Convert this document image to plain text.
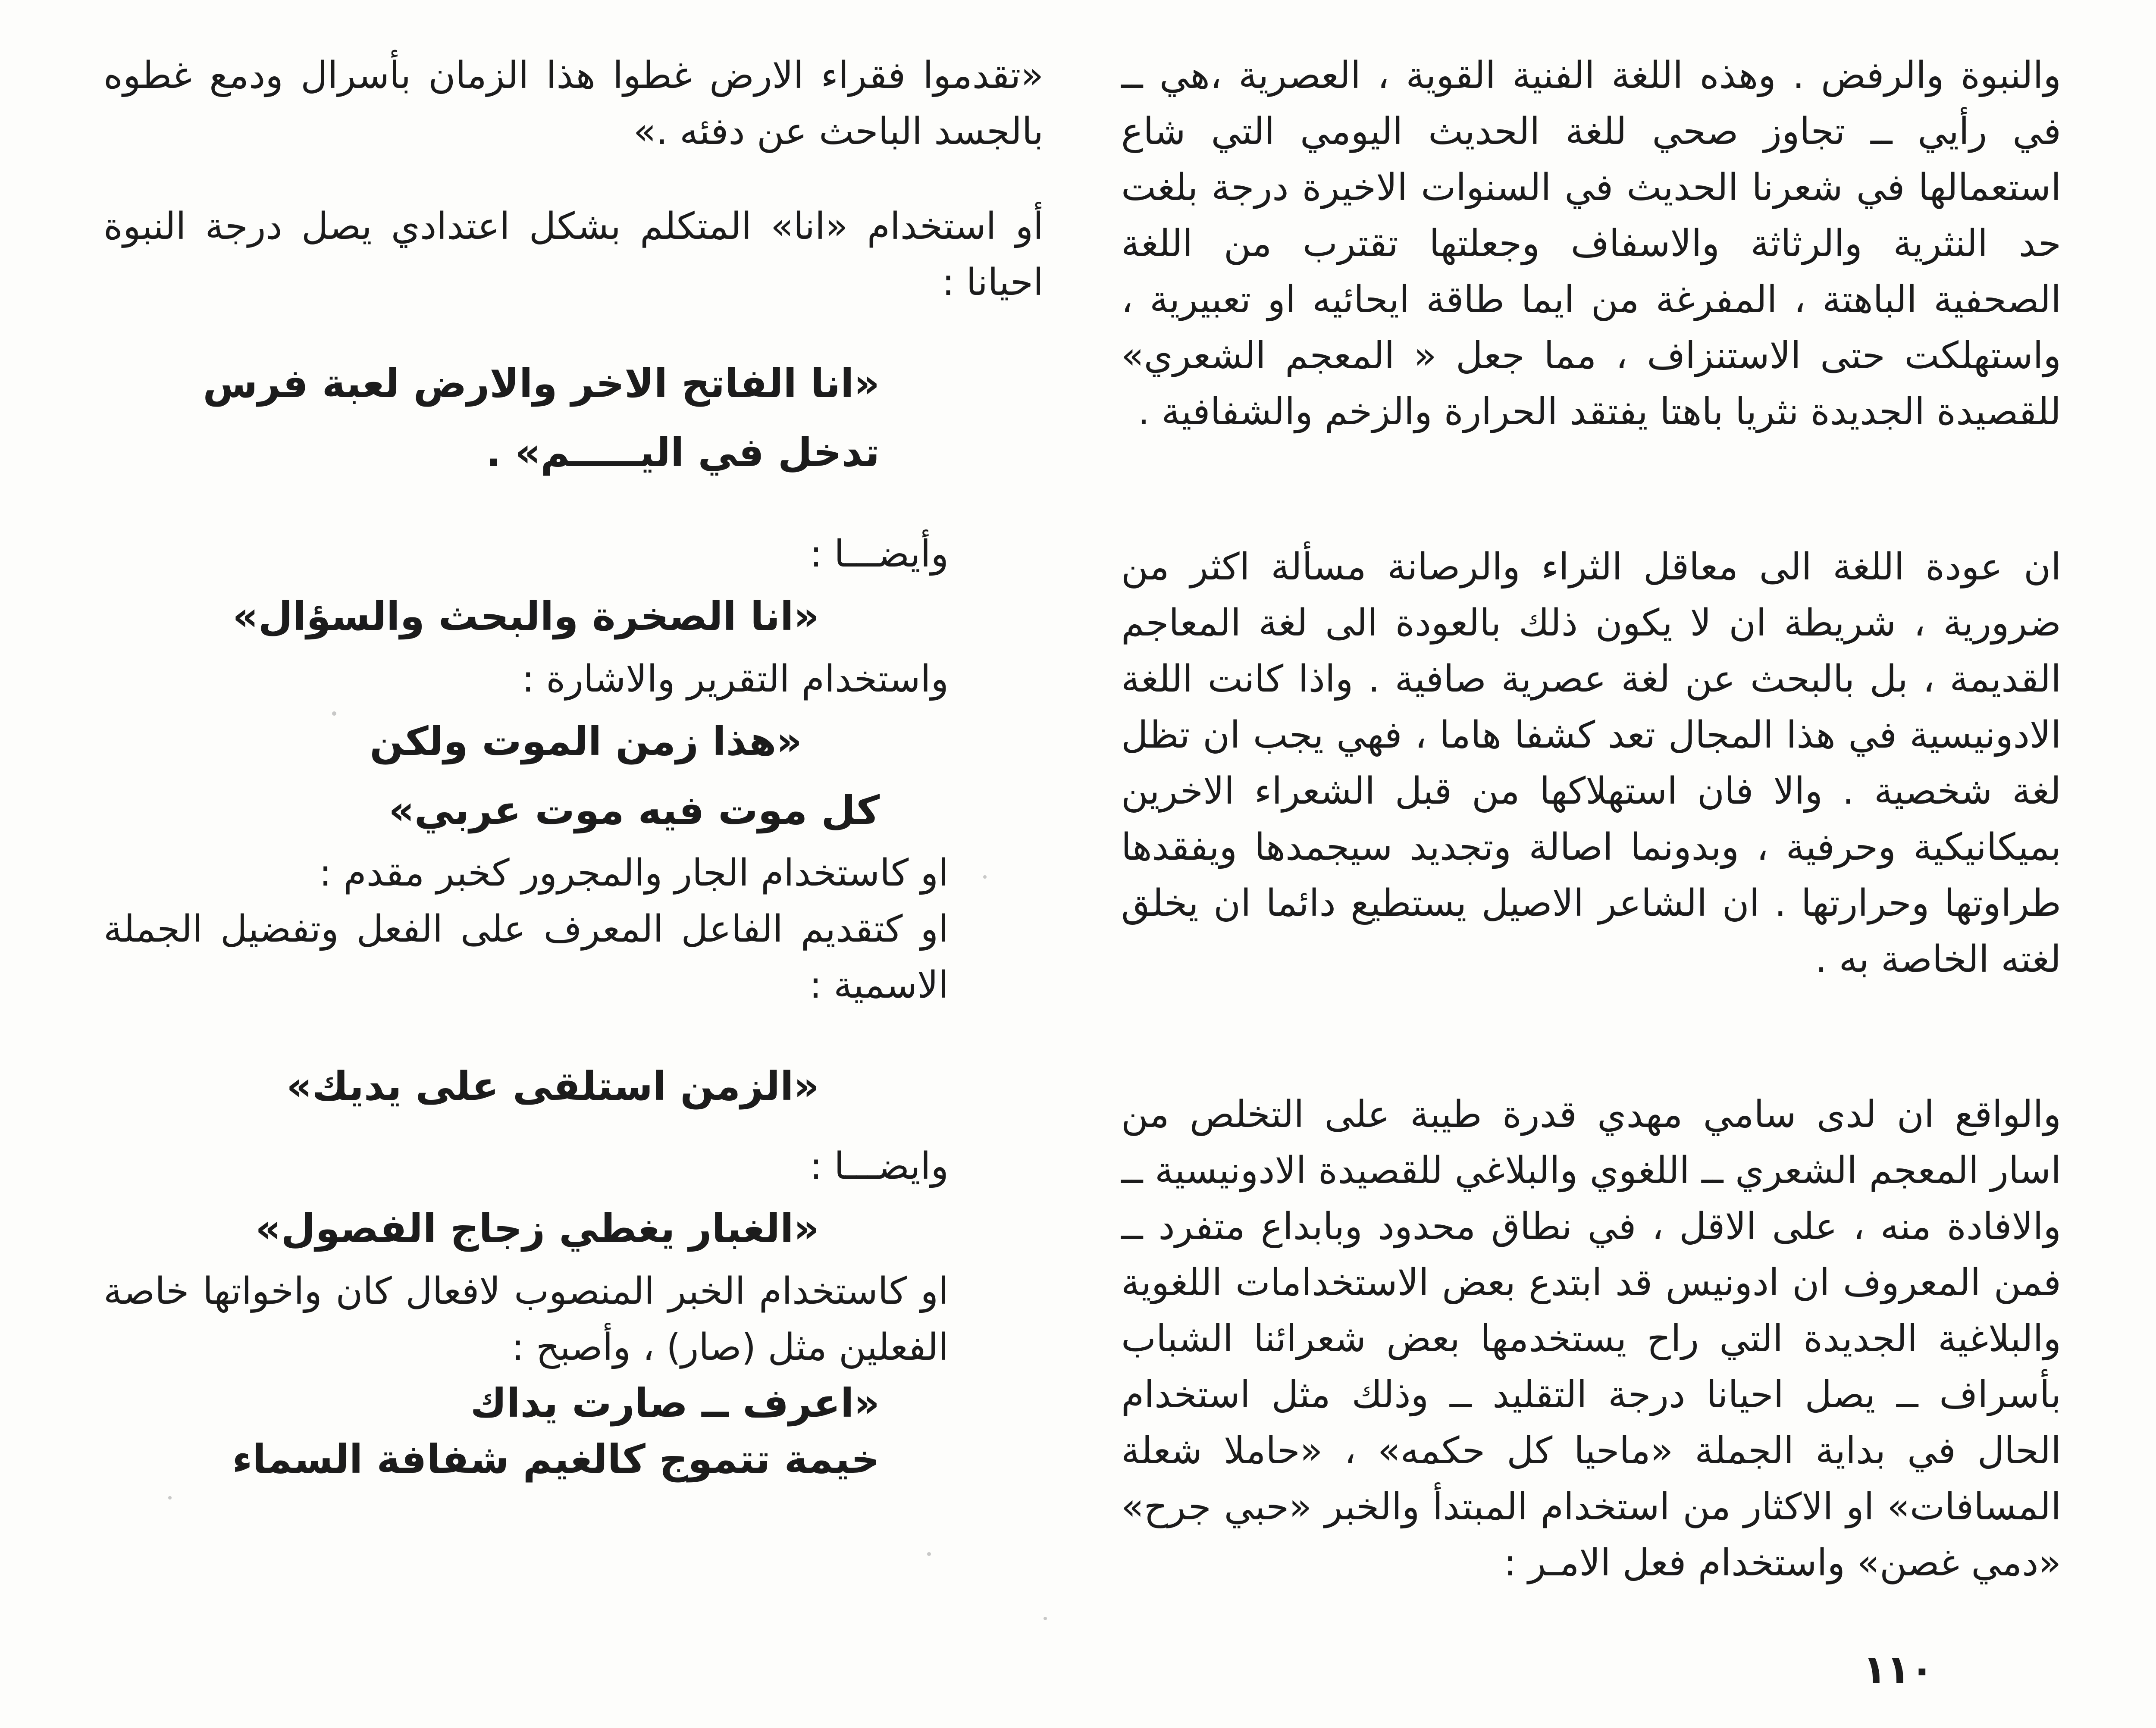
والنبوة والرفض . وهذه اللغة الفنية القوية ، العصرية ،هي ــ في رأيي ــ تجاوز صحي للغة الحديث اليومي التي شاع استعمالها في شعرنا الحديث في السنوات الاخيرة درجة بلغت حد النثرية والرثاثة والاسفاف وجعلتها تقترب من اللغة الصحفية الباهتة ، المفرغة من ايما طاقة ايحائيه او تعبيرية ، واستهلكت حتى الاستنزاف ، مما جعل « المعجم الشعري» للقصيدة الجديدة نثريا باهتا يفتقد الحرارة والزخم والشفافية .

ان عودة اللغة الى معاقل الثراء والرصانة مسألة اكثر من ضرورية ، شريطة ان لا يكون ذلك بالعودة الى لغة المعاجم القديمة ، بل بالبحث عن لغة عصرية صافية . واذا كانت اللغة الادونيسية في هذا المجال تعد كشفا هاما ، فهي يجب ان تظل لغة شخصية . والا فان استهلاكها من قبل الشعراء الاخرين بميكانيكية وحرفية ، وبدونما اصالة وتجديد سيجمدها ويفقدها طراوتها وحرارتها . ان الشاعر الاصيل يستطيع دائما ان يخلق لغته الخاصة به .

والواقع ان لدى سامي مهدي قدرة طيبة على التخلص من اسار المعجم الشعري ــ اللغوي والبلاغي للقصيدة الادونيسية ــ والافادة منه ، على الاقل ، في نطاق محدود وبابداع متفرد ــ فمن المعروف ان ادونيس قد ابتدع بعض الاستخدامات اللغوية والبلاغية الجديدة التي راح يستخدمها بعض شعرائنا الشباب بأسراف ــ يصل احيانا درجة التقليد ــ وذلك مثل استخدام الحال في بداية الجملة «ماحيا كل حكمه» ، «حاملا شعلة المسافات» او الاكثار من استخدام المبتدأ والخبر «حبي جرح» «دمي غصن» واستخدام فعل الامـر :

«تقدموا فقراء الارض غطوا هذا الزمان بأسرال ودمع غطوه بالجسد الباحث عن دفئه .»

أو استخدام «انا» المتكلم بشكل اعتدادي يصل درجة النبوة احيانا :

«انا الفاتح الاخر والارض لعبة فرس تدخل في اليـــــم» .

وأيضـــا :

«انا الصخرة والبحث والسؤال»

واستخدام التقرير والاشارة :

«هذا زمن الموت ولكن

كل موت فيه موت عربي»

او كاستخدام الجار والمجرور كخبر مقدم :

او كتقديم الفاعل المعرف على الفعل وتفضيل الجملة الاسمية :

«الزمن استلقى على يديك»

وايضـــا :

«الغبار يغطي زجاج الفصول»

او كاستخدام الخبر المنصوب لافعال كان واخواتها خاصة الفعلين مثل (صار) ، وأصبح :

«اعرف ــ صارت يداك

خيمة تتموج كالغيم شفافة السماء

١١٠
